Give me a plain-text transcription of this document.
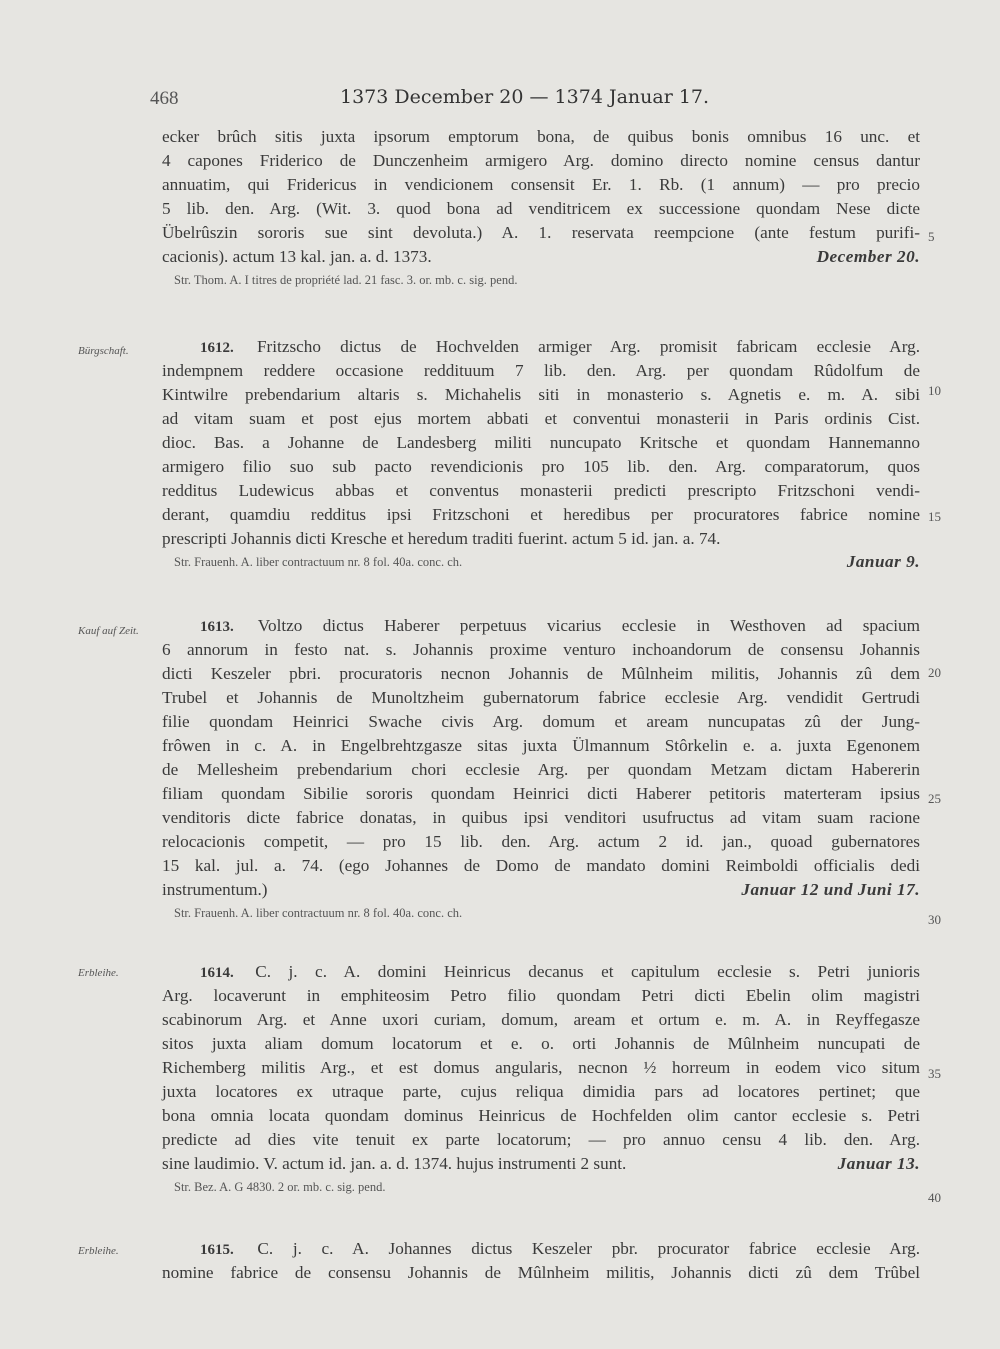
468	1373 December 20 — 1374 Januar 17.
ecker brûch sitis juxta ipsorum emptorum bona, de quibus bonis omnibus 16 unc. et
4 capones Friderico de Dunczenheim armigero Arg. domino directo nomine census dantur
annuatim, qui Fridericus in vendicionem consensit Er. 1. Rb. (1 annum) — pro precio
5 lib. den. Arg. (Wit. 3. quod bona ad venditricem ex successione quondam Nese dicte
Übelrûszin sororis sue sint devoluta.) A. 1. reservata reempcione (ante festum purifi-
cacionis). actum 13 kal. jan. a. d. 1373.	December 20.
Str. Thom. A. I titres de propriété lad. 21 fasc. 3. or. mb. c. sig. pend.
Bürgschaft.	1612. Fritzscho dictus de Hochvelden armiger Arg. promisit fabricam ecclesie Arg.
indempnem reddere occasione reddituum 7 lib. den. Arg. per quondam Rûdolfum de
Kintwilre prebendarium altaris s. Michahelis siti in monasterio s. Agnetis e. m. A. sibi
ad vitam suam et post ejus mortem abbati et conventui monasterii in Paris ordinis Cist.
dioc. Bas. a Johanne de Landesberg militi nuncupato Kritsche et quondam Hannemanno
armigero filio suo sub pacto revendicionis pro 105 lib. den. Arg. comparatorum, quos
redditus Ludewicus abbas et conventus monasterii predicti prescripto Fritzschoni vendi-
derant, quamdiu redditus ipsi Fritzschoni et heredibus per procuratores fabrice nomine
prescripti Johannis dicti Kresche et heredum traditi fuerint. actum 5 id. jan. a. 74.
Str. Frauenh. A. liber contractuum nr. 8 fol. 40a. conc. ch.	Januar 9.
Kauf auf Zeit.	1613. Voltzo dictus Haberer perpetuus vicarius ecclesie in Westhoven ad spacium
6 annorum in festo nat. s. Johannis proxime venturo inchoandorum de consensu Johannis
dicti Keszeler pbri. procuratoris necnon Johannis de Mûlnheim militis, Johannis zû dem
Trubel et Johannis de Munoltzheim gubernatorum fabrice ecclesie Arg. vendidit Gertrudi
filie quondam Heinrici Swache civis Arg. domum et aream nuncupatas zû der Jung-
frôwen in c. A. in Engelbrehtzgasze sitas juxta Ülmannum Stôrkelin e. a. juxta Egenonem
de Mellesheim prebendarium chori ecclesie Arg. per quondam Metzam dictam Habererin
filiam quondam Sibilie sororis quondam Heinrici dicti Haberer petitoris materteram ipsius
venditoris dicte fabrice donatas, in quibus ipsi venditori usufructus ad vitam suam racione
relocacionis competit, — pro 15 lib. den. Arg. actum 2 id. jan., quoad gubernatores
15 kal. jul. a. 74. (ego Johannes de Domo de mandato domini Reimboldi officialis dedi
instrumentum.)	Januar 12 und Juni 17.
Str. Frauenh. A. liber contractuum nr. 8 fol. 40a. conc. ch.
Erbleihe.	1614. C. j. c. A. domini Heinricus decanus et capitulum ecclesie s. Petri junioris
Arg. locaverunt in emphiteosim Petro filio quondam Petri dicti Ebelin olim magistri
scabinorum Arg. et Anne uxori curiam, domum, aream et ortum e. m. A. in Reyffegasze
sitos juxta aliam domum locatorum et e. o. orti Johannis de Mûlnheim nuncupati de
Richemberg militis Arg., et est domus angularis, necnon ½ horreum in eodem vico situm
juxta locatores ex utraque parte, cujus reliqua dimidia pars ad locatores pertinet; que
bona omnia locata quondam dominus Heinricus de Hochfelden olim cantor ecclesie s. Petri
predicte ad dies vite tenuit ex parte locatorum; — pro annuo censu 4 lib. den. Arg.
sine laudimio. V. actum id. jan. a. d. 1374. hujus instrumenti 2 sunt.	Januar 13.
Str. Bez. A. G 4830. 2 or. mb. c. sig. pend.
Erbleihe.	1615. C. j. c. A. Johannes dictus Keszeler pbr. procurator fabrice ecclesie Arg.
nomine fabrice de consensu Johannis de Mûlnheim militis, Johannis dicti zû dem Trûbel
5
10
15
20
25
30
35
40
